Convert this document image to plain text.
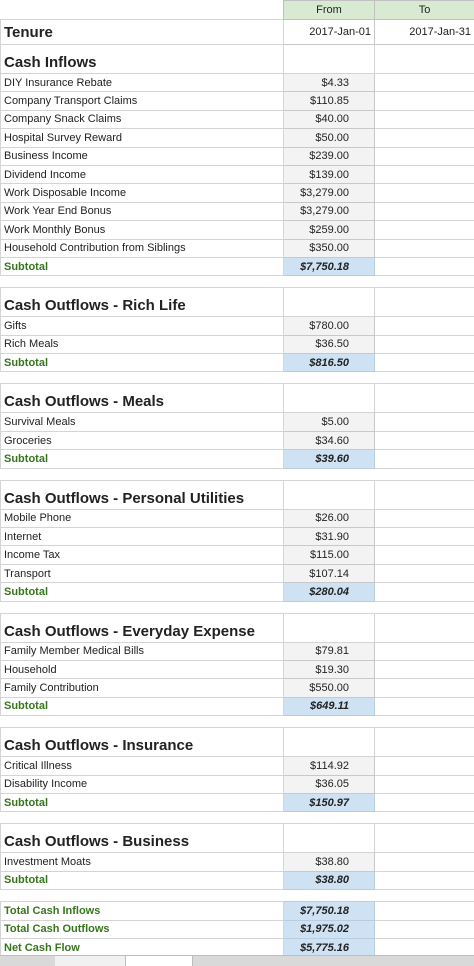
	From	To
Tenure	2017-Jan-01	2017-Jan-31
Cash Inflows		
DIY Insurance Rebate	$4.33	
Company Transport Claims	$110.85	
Company Snack Claims	$40.00	
Hospital Survey Reward	$50.00	
Business Income	$239.00	
Dividend Income	$139.00	
Work Disposable Income	$3,279.00	
Work Year End Bonus	$3,279.00	
Work Monthly Bonus	$259.00	
Household Contribution from Siblings	$350.00	
Subtotal	$7,750.18	

Cash Outflows - Rich Life		
Gifts	$780.00	
Rich Meals	$36.50	
Subtotal	$816.50	

Cash Outflows - Meals		
Survival Meals	$5.00	
Groceries	$34.60	
Subtotal	$39.60	

Cash Outflows - Personal Utilities		
Mobile Phone	$26.00	
Internet	$31.90	
Income Tax	$115.00	
Transport	$107.14	
Subtotal	$280.04	

Cash Outflows - Everyday Expense		
Family Member Medical Bills	$79.81	
Household	$19.30	
Family Contribution	$550.00	
Subtotal	$649.11	

Cash Outflows - Insurance		
Critical Illness	$114.92	
Disability Income	$36.05	
Subtotal	$150.97	

Cash Outflows - Business		
Investment Moats	$38.80	
Subtotal	$38.80	

Total Cash Inflows	$7,750.18	
Total Cash Outflows	$1,975.02	
Net Cash Flow	$5,775.16	
